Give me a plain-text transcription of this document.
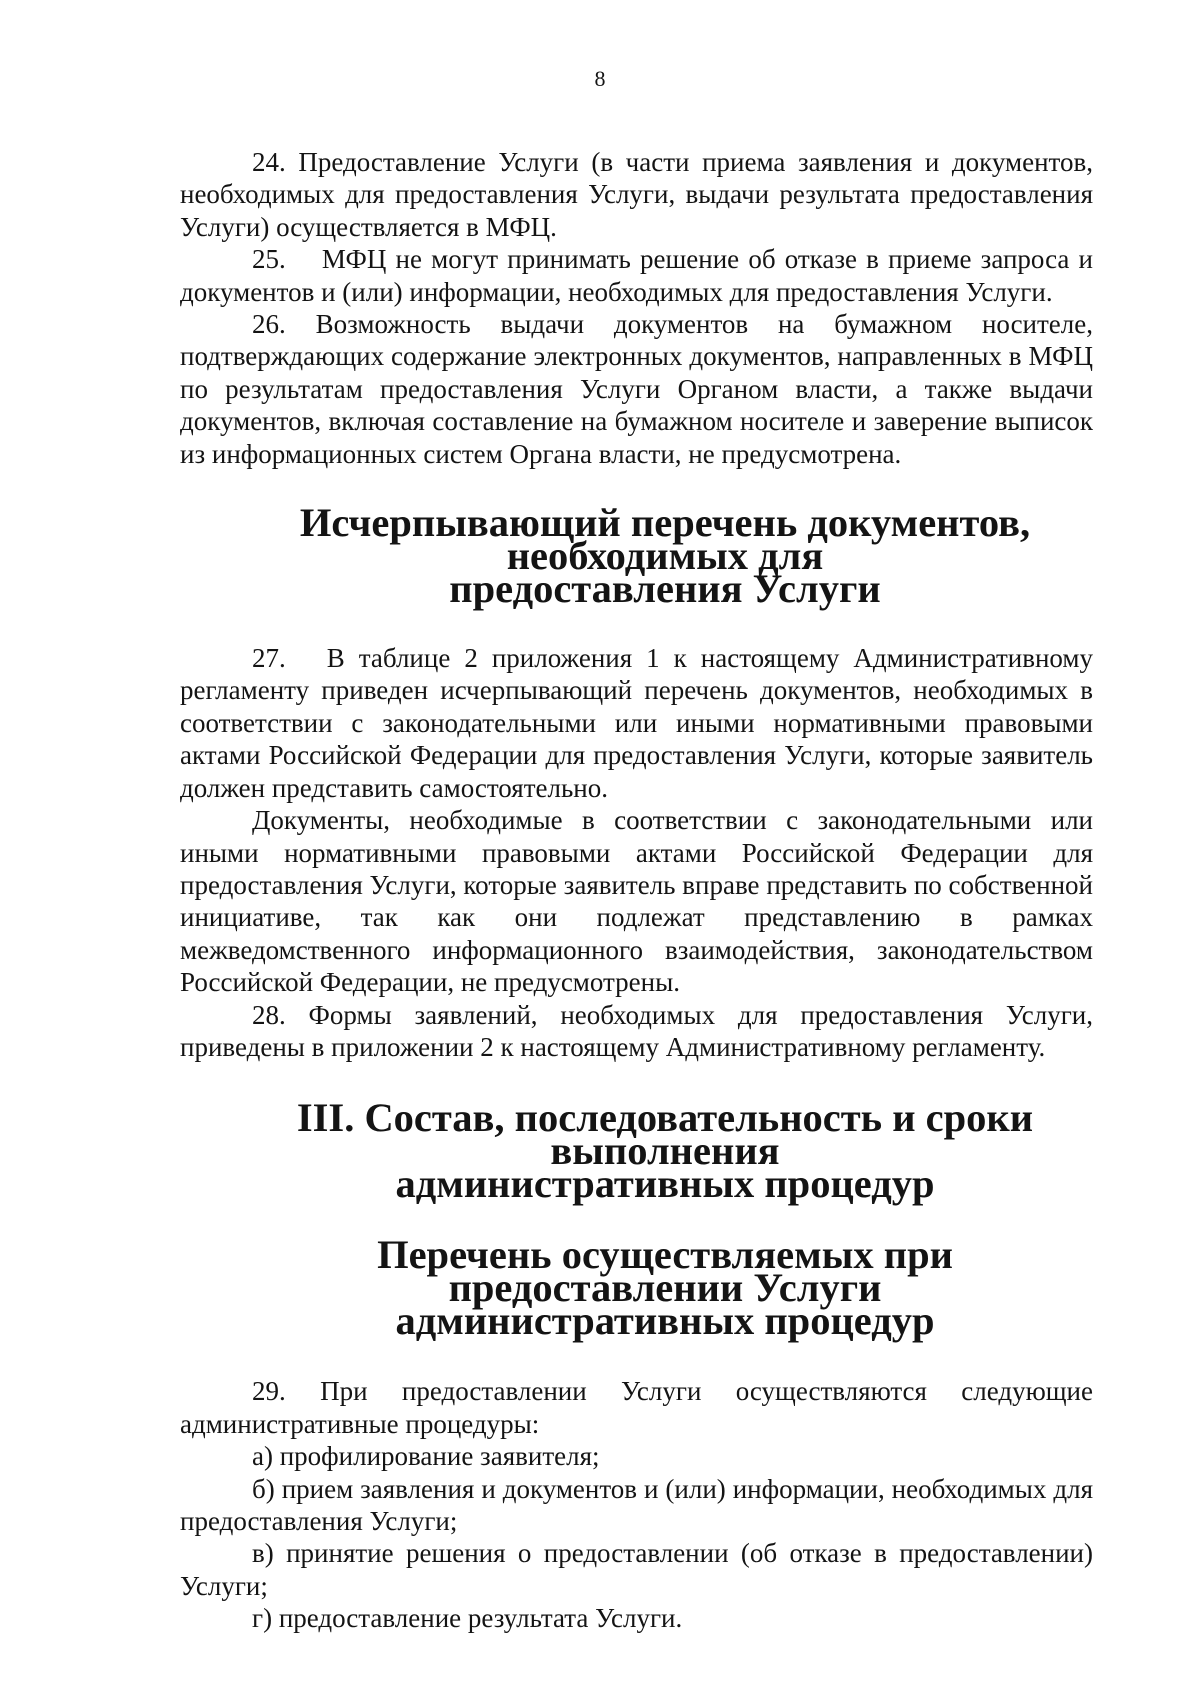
8

24. Предоставление Услуги (в части приема заявления и документов, необходимых для предоставления Услуги, выдачи результата предоставления Услуги) осуществляется в МФЦ.

25.  МФЦ не могут принимать решение об отказе в приеме запроса и документов и (или) информации, необходимых для предоставления Услуги.

26. Возможность выдачи документов на бумажном носителе, подтверждающих содержание электронных документов, направленных в МФЦ по результатам предоставления Услуги Органом власти, а также выдачи документов, включая составление на бумажном носителе и заверение выписок из информационных систем Органа власти, не предусмотрена.

Исчерпывающий перечень документов, необходимых для
предоставления Услуги

27.  В таблице 2 приложения 1 к настоящему Административному регламенту приведен исчерпывающий перечень документов, необходимых в соответствии с законодательными или иными нормативными правовыми актами Российской Федерации для предоставления Услуги, которые заявитель должен представить самостоятельно.

Документы, необходимые в соответствии с законодательными или иными нормативными правовыми актами Российской Федерации для предоставления Услуги, которые заявитель вправе представить по собственной инициативе, так как они подлежат представлению в рамках межведомственного информационного взаимодействия, законодательством Российской Федерации, не предусмотрены.

28. Формы заявлений, необходимых для предоставления Услуги, приведены в приложении 2 к настоящему Административному регламенту.

III. Состав, последовательность и сроки выполнения
административных процедур
Перечень осуществляемых при предоставлении Услуги
административных процедур

29. При предоставлении Услуги осуществляются следующие административные процедуры:

а) профилирование заявителя;

б) прием заявления и документов и (или) информации, необходимых для предоставления Услуги;

в) принятие решения о предоставлении (об отказе в предоставлении) Услуги;

г) предоставление результата Услуги.
